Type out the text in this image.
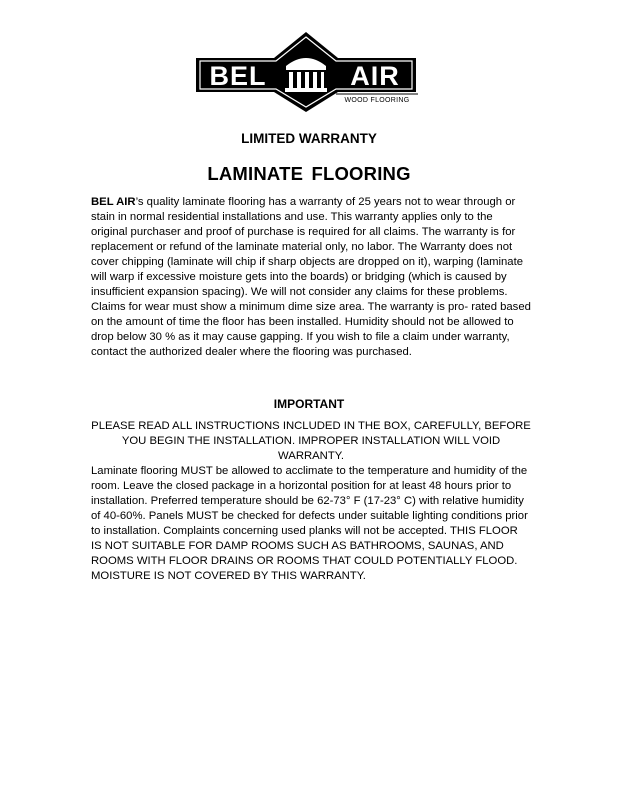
BEL	AIR
WOOD FLOORING
LIMITED WARRANTY
LAMINATE FLOORING

BEL AIR’s quality laminate flooring has a warranty of 25 years not to wear through or stain in normal residential installations and use. This warranty applies only to the original purchaser and proof of purchase is required for all claims. The warranty is for replacement or refund of the laminate material only, no labor. The Warranty does not cover chipping (laminate will chip if sharp objects are dropped on it), warping (laminate will warp if excessive moisture gets into the boards) or bridging (which is caused by insufficient expansion spacing). We will not consider any claims for these problems. Claims for wear must show a minimum dime size area. The warranty is pro- rated based on the amount of time the floor has been installed. Humidity should not be allowed to drop below 30 % as it may cause gapping. If you wish to file a claim under warranty, contact the authorized dealer where the flooring was purchased.

IMPORTANT

PLEASE READ ALL INSTRUCTIONS INCLUDED IN THE BOX, CAREFULLY, BEFORE YOU BEGIN THE INSTALLATION. IMPROPER INSTALLATION WILL VOID WARRANTY.

Laminate flooring MUST be allowed to acclimate to the temperature and humidity of the room. Leave the closed package in a horizontal position for at least 48 hours prior to installation. Preferred temperature should be 62-73° F (17-23° C) with relative humidity of 40-60%. Panels MUST be checked for defects under suitable lighting conditions prior to installation. Complaints concerning used planks will not be accepted. THIS FLOOR IS NOT SUITABLE FOR DAMP ROOMS SUCH AS BATHROOMS, SAUNAS, AND ROOMS WITH FLOOR DRAINS OR ROOMS THAT COULD POTENTIALLY FLOOD. MOISTURE IS NOT COVERED BY THIS WARRANTY.
